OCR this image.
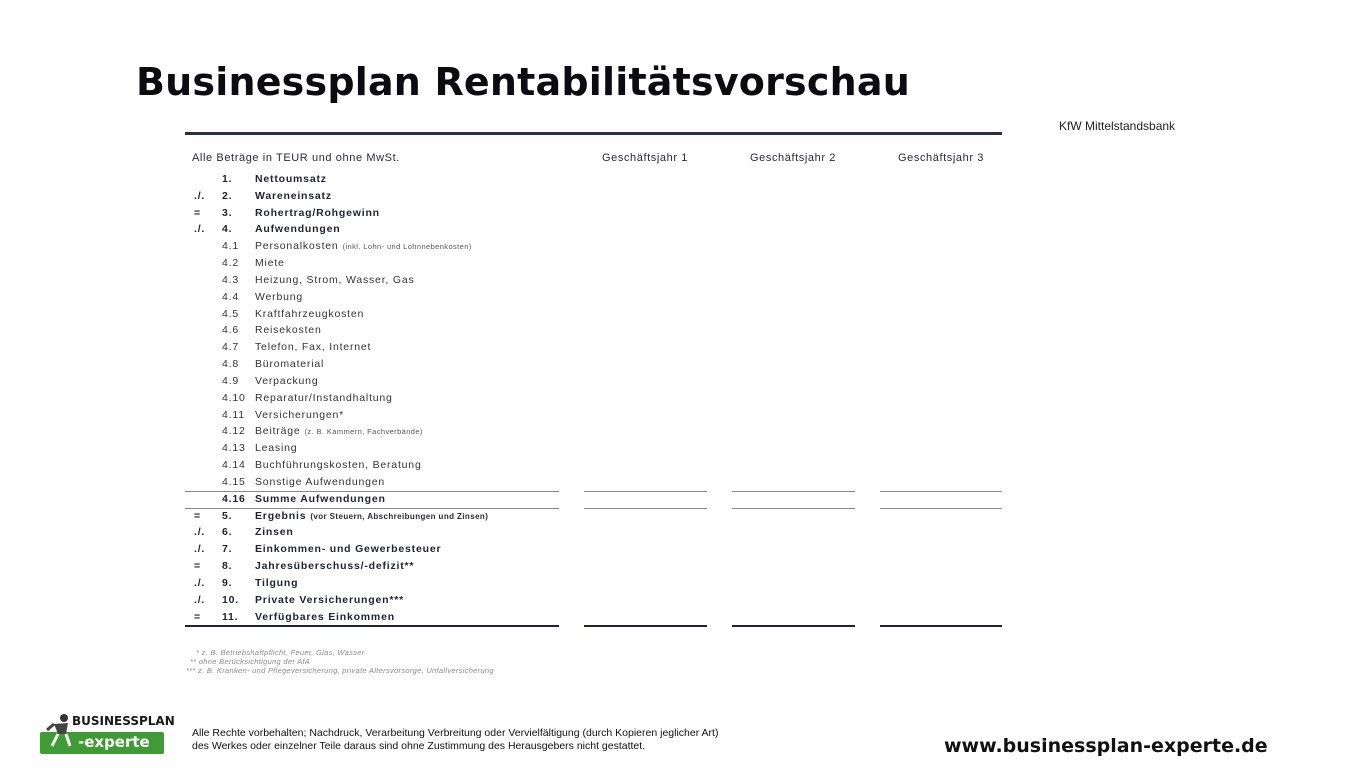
Businessplan Rentabilitätsvorschau
KfW Mittelstandsbank
Alle Beträge in TEUR und ohne MwSt.	Geschäftsjahr 1	Geschäftsjahr 2	Geschäftsjahr 3
1. Nettoumsatz
./.	2. Wareneinsatz
=	3. Rohertrag/Rohgewinn
./.	4. Aufwendungen
4.1 Personalkosten (inkl. Lohn- und Lohnnebenkosten)
4.2 Miete
4.3 Heizung, Strom, Wasser, Gas
4.4 Werbung
4.5 Kraftfahrzeugkosten
4.6 Reisekosten
4.7 Telefon, Fax, Internet
4.8 Büromaterial
4.9 Verpackung
4.10 Reparatur/Instandhaltung
4.11 Versicherungen*
4.12 Beiträge (z. B. Kammern, Fachverbände)
4.13 Leasing
4.14 Buchführungskosten, Beratung
4.15 Sonstige Aufwendungen
4.16 Summe Aufwendungen
=	5. Ergebnis (vor Steuern, Abschreibungen und Zinsen)
./.	6. Zinsen
./.	7. Einkommen- und Gewerbesteuer
=	8. Jahresüberschuss/-defizit**
./.	9. Tilgung
./.	10. Private Versicherungen***
=	11. Verfügbares Einkommen
* z. B. Betriebshaftpflicht, Feuer, Glas, Wasser
** ohne Berücksichtigung der AfA
*** z. B. Kranken- und Pflegeversicherung, private Altersvorsorge, Unfallversicherung
BUSINESSPLAN
-experte	Alle Rechte vorbehalten; Nachdruck, Verarbeitung Verbreitung oder Vervielfältigung (durch Kopieren jeglicher Art)
des Werkes oder einzelner Teile daraus sind ohne Zustimmung des Herausgebers nicht gestattet.	www.businessplan-experte.de
